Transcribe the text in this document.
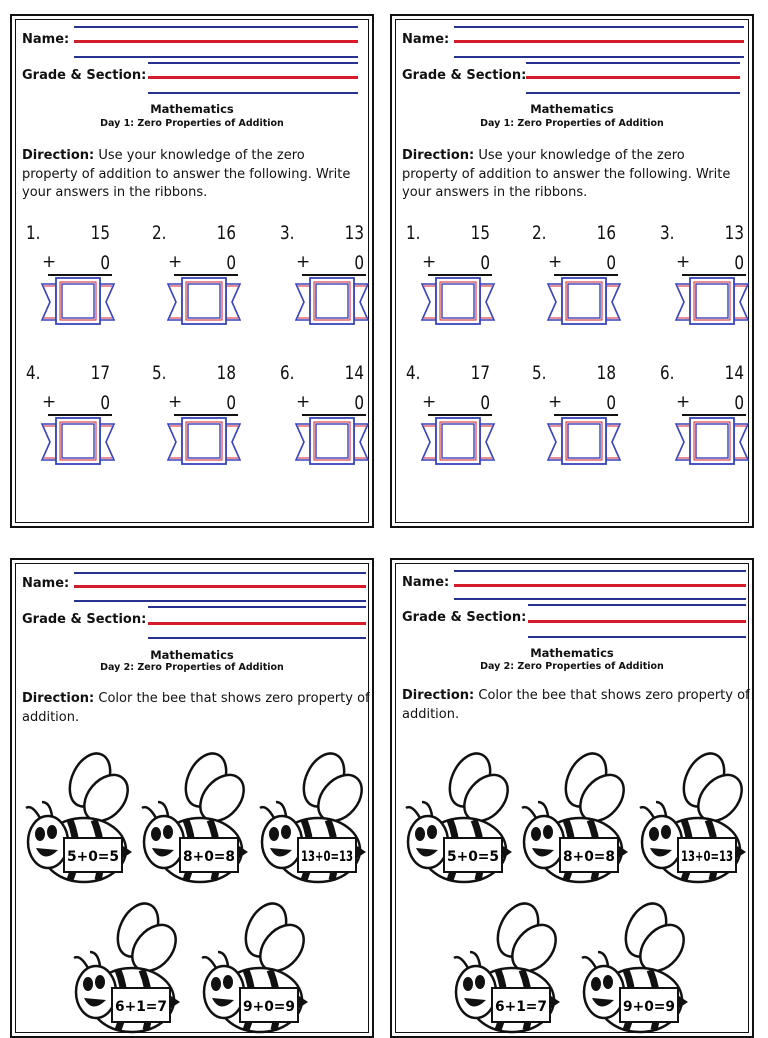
Name:
Grade & Section:
Mathematics
Day 1: Zero Properties of Addition
Direction: Use your knowledge of the zero property of addition to answer the following. Write your answers in the ribbons.
1.	15
+	0
2.	16
+	0
3.	13
+	0
4.	17
+	0
5.	18
+	0
6.	14
+	0
Name:
Grade & Section:
Mathematics
Day 1: Zero Properties of Addition
Direction: Use your knowledge of the zero property of addition to answer the following. Write your answers in the ribbons.
1.	15
+	0
2.	16
+	0
3.	13
+	0
4.	17
+	0
5.	18
+	0
6.	14
+	0
Name:
Grade & Section:
Mathematics
Day 2: Zero Properties of Addition
Direction: Color the bee that shows zero property of addition.
5+0=5	8+0=8	13+0=13
6+1=7	9+0=9
Name:
Grade & Section:
Mathematics
Day 2: Zero Properties of Addition
Direction: Color the bee that shows zero property of addition.
5+0=5	8+0=8	13+0=13
6+1=7	9+0=9
